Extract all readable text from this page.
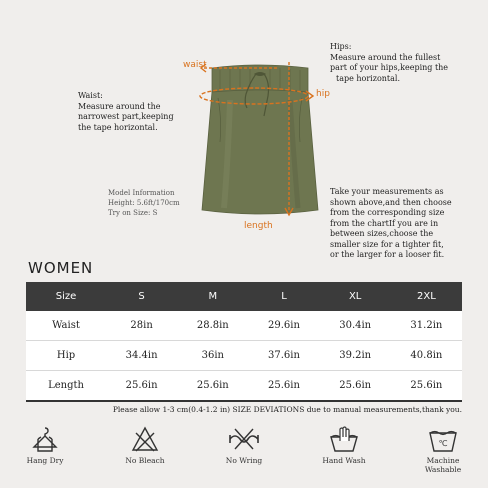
waist
hip
length
Hips:
Measure around the fullest
part of your hips,keeping the
tape horizontal.
Waist:
Measure around the
narrowest part,keeping
the tape horizontal.
Model Information
Height: 5.6ft/170cm
Try on Size: S
Take your measurements as
shown above,and then choose
from the corresponding size
from the chartIf you are in
between sizes,choose the
smaller size for a tighter fit,
or the larger for a looser fit.
WOMEN
Size	S	M	L	XL	2XL
Waist	28in	28.8in	29.6in	30.4in	31.2in
Hip	34.4in	36in	37.6in	39.2in	40.8in
Length	25.6in	25.6in	25.6in	25.6in	25.6in
Please allow 1-3 cm(0.4-1.2 in) SIZE DEVIATIONS due to manual measurements,thank you.
Hang Dry	No Bleach	No Wring	Hand Wash
℃
Machine
Washable
